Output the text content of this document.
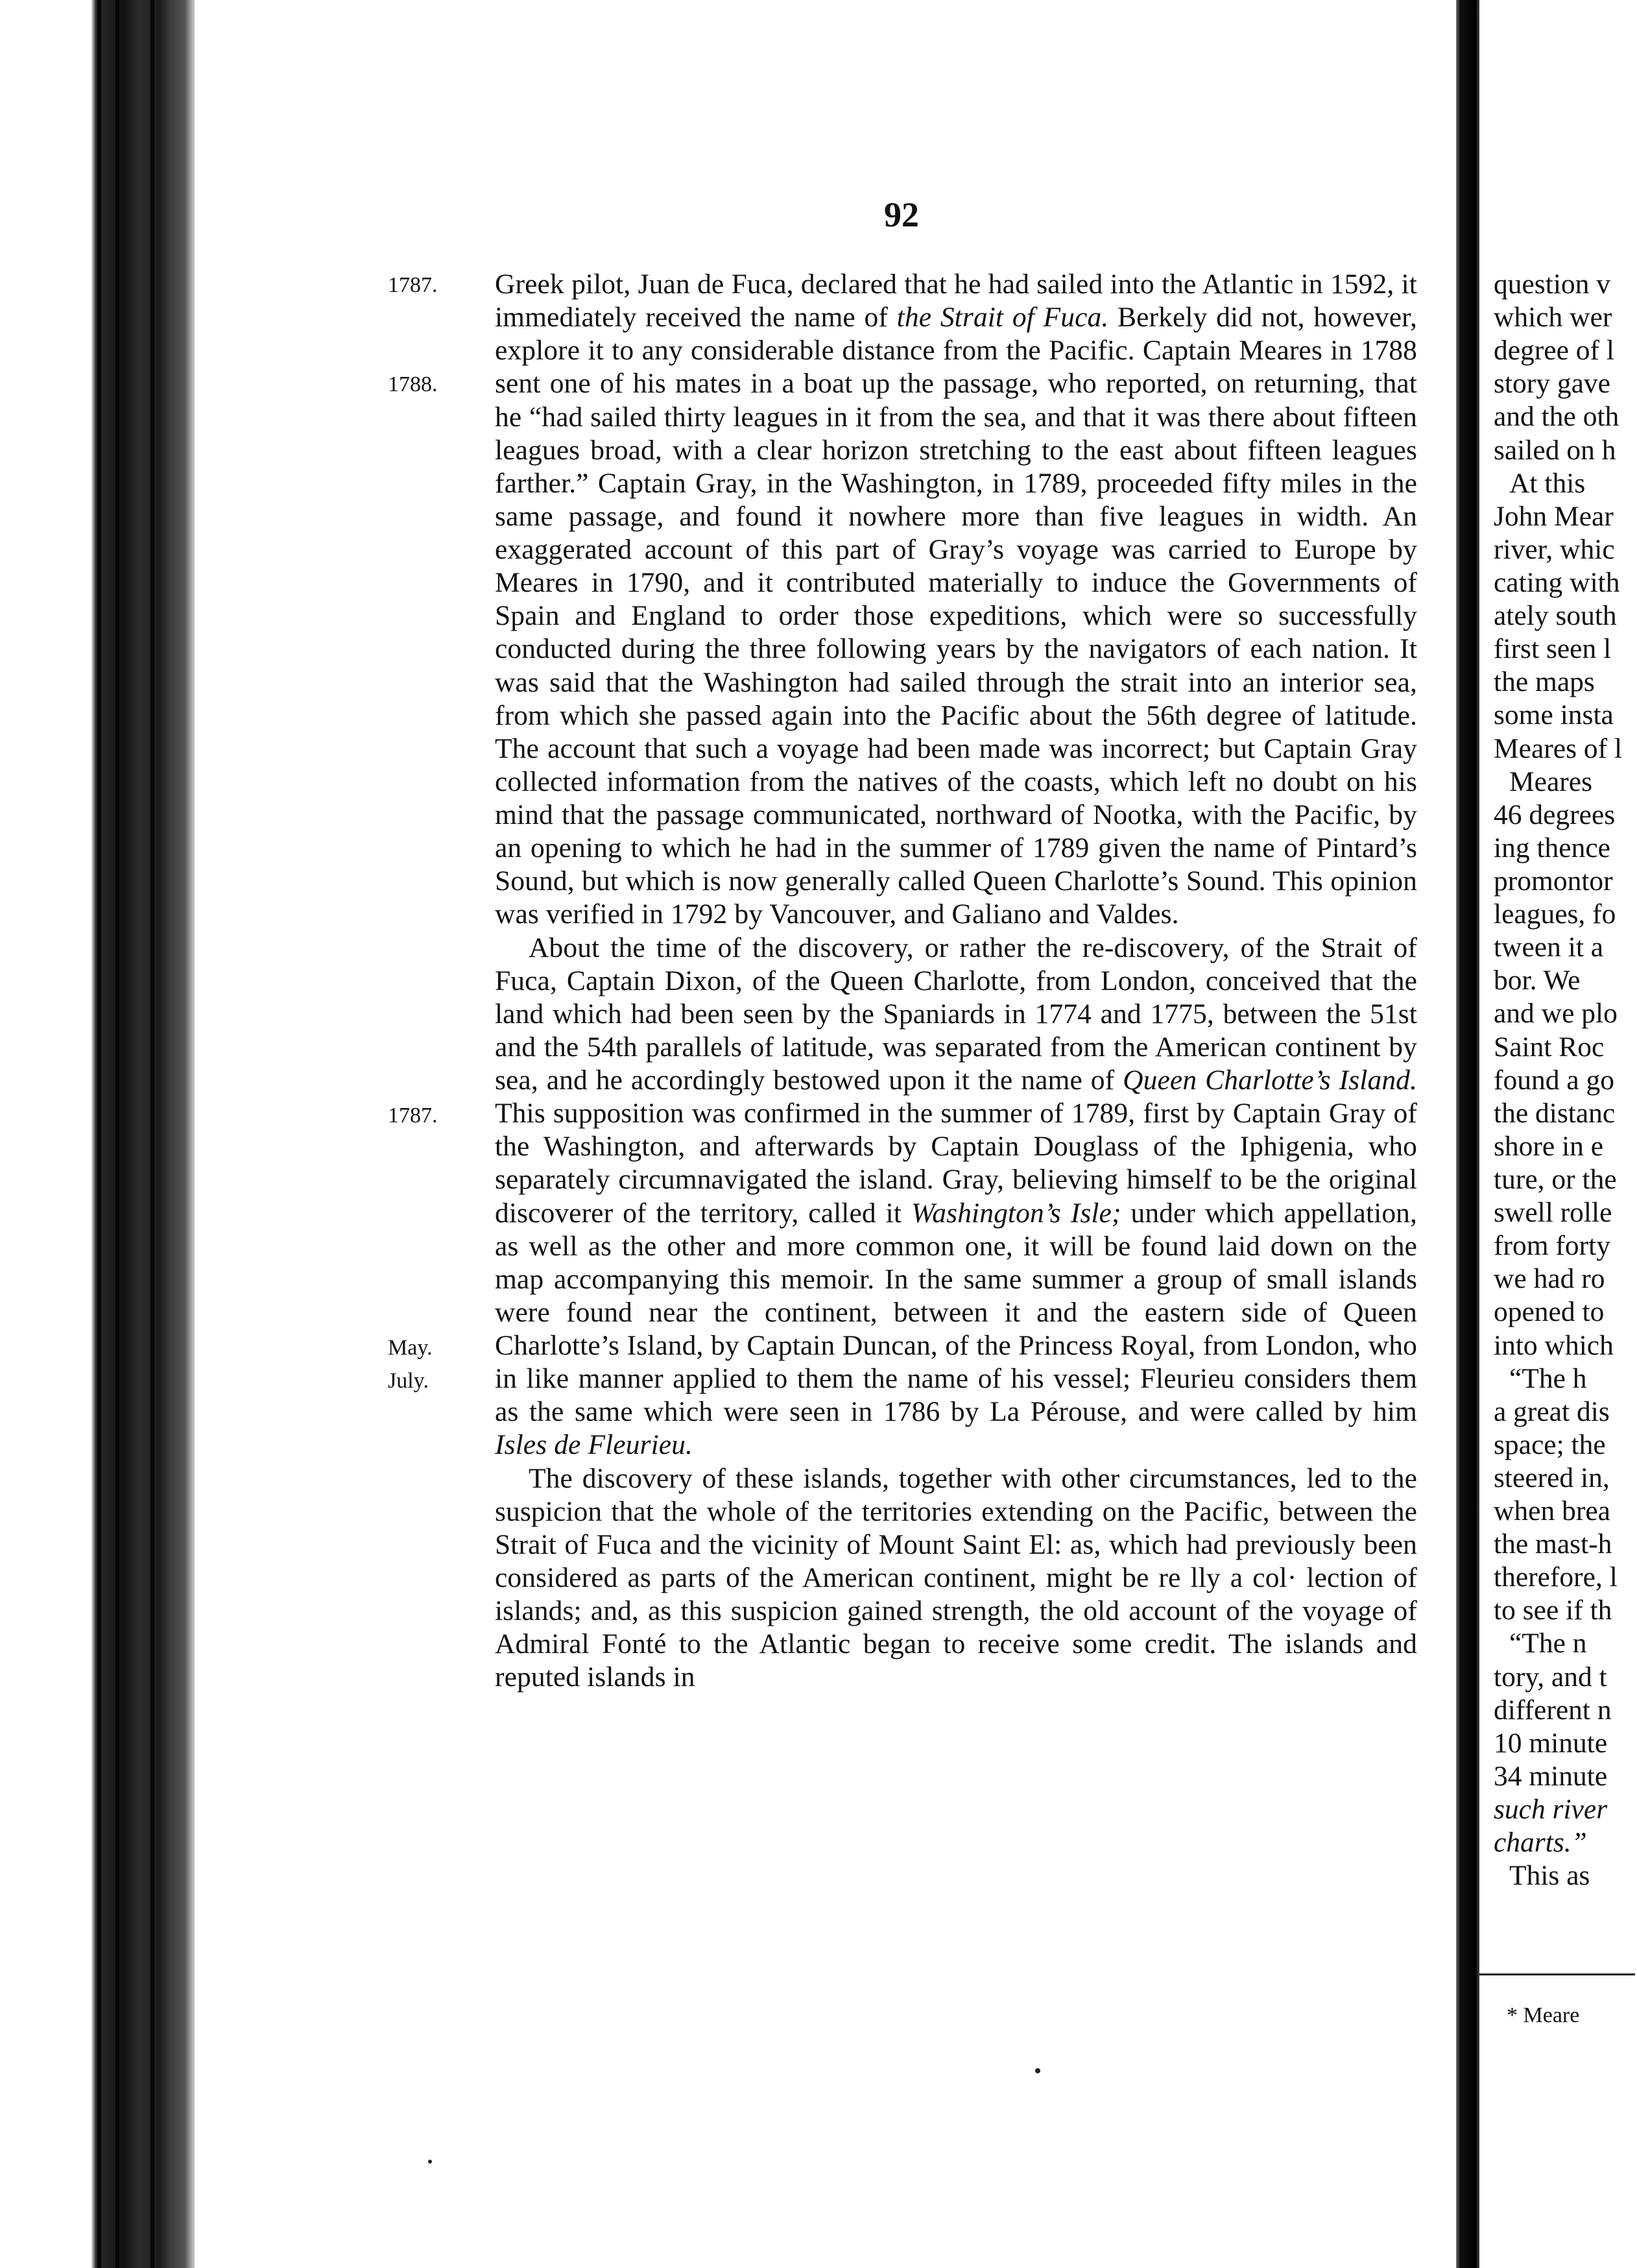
92
1787.
1788.
1787.
May.
July.

Greek pilot, Juan de Fuca, declared that he had sailed into the Atlantic in 1592, it immediately received the name of the Strait of Fuca. Berkely did not, however, explore it to any considerable distance from the Pacific. Captain Meares in 1788 sent one of his mates in a boat up the passage, who reported, on returning, that he “had sailed thirty leagues in it from the sea, and that it was there about fifteen leagues broad, with a clear horizon stretching to the east about fifteen leagues farther.” Captain Gray, in the Washington, in 1789, proceeded fifty miles in the same passage, and found it nowhere more than five leagues in width. An exaggerated account of this part of Gray’s voyage was carried to Europe by Meares in 1790, and it contributed materially to induce the Governments of Spain and England to order those expeditions, which were so successfully conducted during the three following years by the navigators of each nation. It was said that the Washington had sailed through the strait into an interior sea, from which she passed again into the Pacific about the 56th degree of latitude. The account that such a voyage had been made was incorrect; but Captain Gray collected information from the natives of the coasts, which left no doubt on his mind that the passage communicated, northward of Nootka, with the Pacific, by an opening to which he had in the summer of 1789 given the name of Pintard’s Sound, but which is now generally called Queen Charlotte’s Sound. This opinion was verified in 1792 by Vancouver, and Galiano and Valdes.

About the time of the discovery, or rather the re-discovery, of the Strait of Fuca, Captain Dixon, of the Queen Charlotte, from London, conceived that the land which had been seen by the Spaniards in 1774 and 1775, between the 51st and the 54th parallels of latitude, was separated from the American continent by sea, and he accordingly bestowed upon it the name of Queen Charlotte’s Island. This supposition was confirmed in the summer of 1789, first by Captain Gray of the Washington, and afterwards by Captain Douglass of the Iphigenia, who separately circumnavigated the island. Gray, believing himself to be the original discoverer of the territory, called it Washington’s Isle; under which appellation, as well as the other and more common one, it will be found laid down on the map accompanying this memoir. In the same summer a group of small islands were found near the continent, between it and the eastern side of Queen Charlotte’s Island, by Captain Duncan, of the Princess Royal, from London, who in like manner applied to them the name of his vessel; Fleurieu considers them as the same which were seen in 1786 by La Pérouse, and were called by him Isles de Fleurieu.

The discovery of these islands, together with other circumstances, led to the suspicion that the whole of the territories extending on the Pacific, between the Strait of Fuca and the vicinity of Mount Saint El: as, which had previously been considered as parts of the American continent, might be re lly a col· lection of islands; and, as this suspicion gained strength, the old account of the voyage of Admiral Fonté to the Atlantic began to receive some credit. The islands and reputed islands in

question v
which wer
degree of l
story gave
and the oth
sailed on h
At this
John Mear
river, whic
cating with
ately south
first seen l
the maps
some insta
Meares of l
Meares
46 degrees
ing thence
promontor
leagues, fo
tween it a
bor. We
and we plo
Saint Roc
found a go
the distanc
shore in e
ture, or the
swell rolle
from forty
we had ro
opened to
into which
“The h
a great dis
space; the
steered in,
when brea
the mast-h
therefore, l
to see if th
“The n
tory, and t
different n
10 minute
34 minute
such river
charts.”
This as
* Meare
